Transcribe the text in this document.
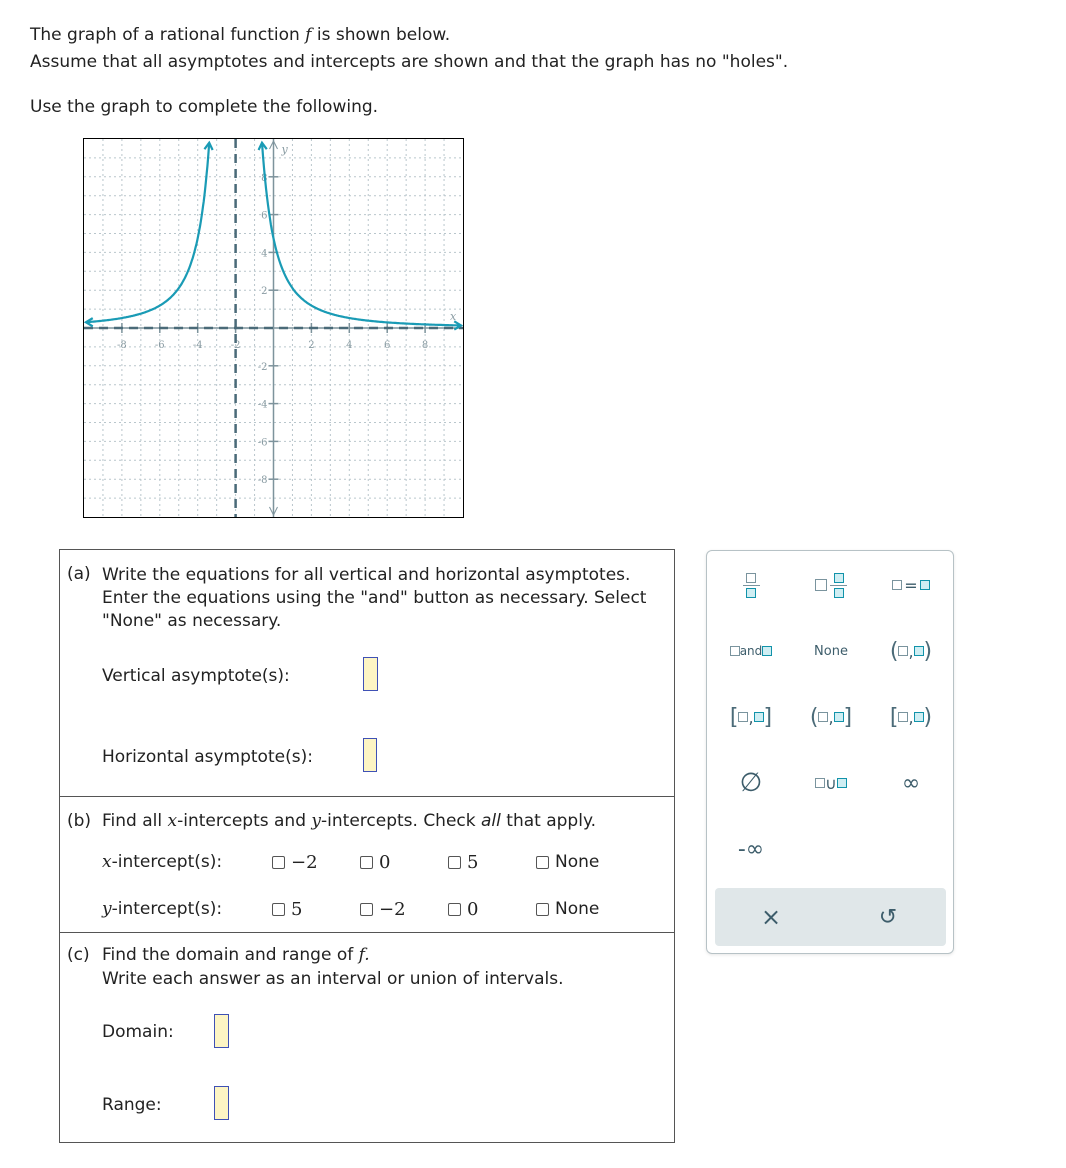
The graph of a rational function f is shown below.
Assume that all asymptotes and intercepts are shown and that the graph has no "holes".
Use the graph to complete the following.
-8	-6	-4	-2	2	4	6	8
8
6
4
2
-2
-4
-6
-8
x
y
(a) Write the equations for all vertical and horizontal asymptotes. Enter the equations using the "and" button as necessary. Select "None" as necessary.
Vertical asymptote(s):
Horizontal asymptote(s):
(b) Find all x-intercepts and y-intercepts. Check all that apply.
x-intercept(s):	−2	0	5	None
y-intercept(s):	5	−2	0	None
(c) Find the domain and range of f.
Write each answer as an interval or union of intervals.
Domain:
Range:
=
and	None	( , )
[ , ] ( , ] [ , )
∅	∪	∞
-∞
×	↺
